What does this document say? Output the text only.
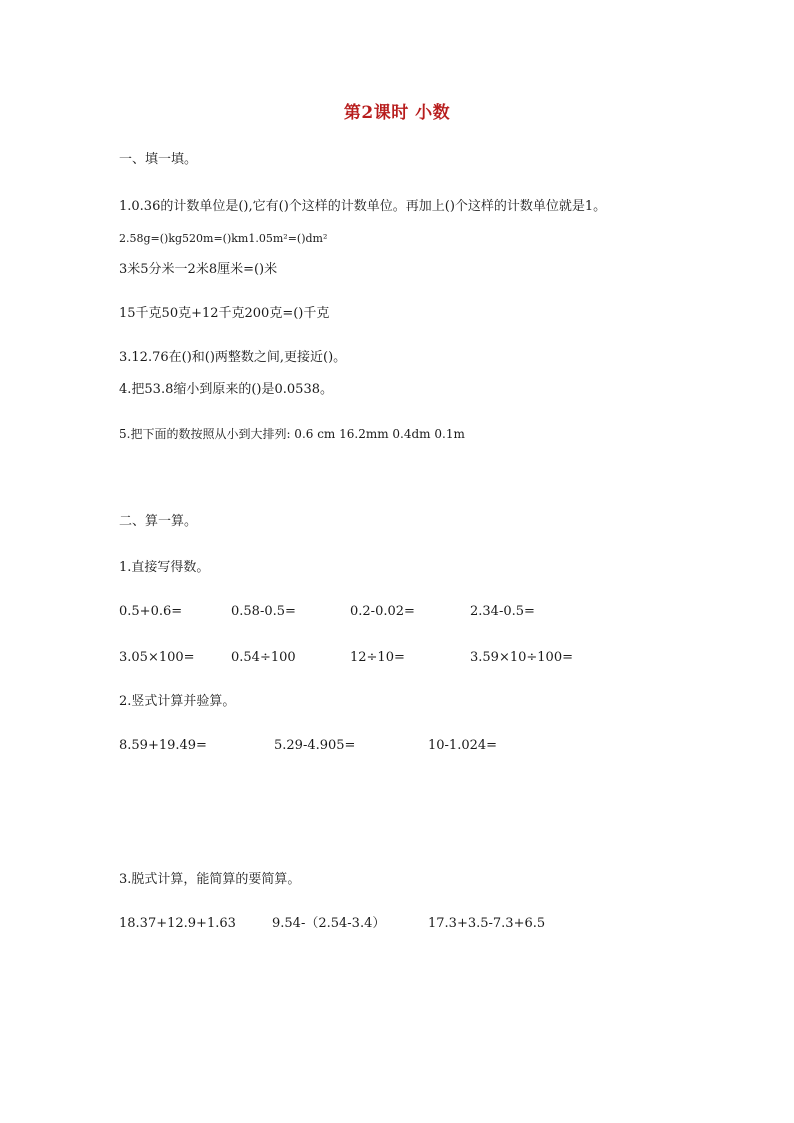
第2课时 小数
一、填一填。
1.0.36的计数单位是(),它有()个这样的计数单位。再加上()个这样的计数单位就是1。
2.58g=()kg520m=()km1.05m²=()dm²
3米5分米一2米8厘米=()米
15千克50克+12千克200克=()千克
3.12.76在()和()两整数之间,更接近()。
4.把53.8缩小到原来的()是0.0538。
5.把下面的数按照从小到大排列: 0.6 cm 16.2mm 0.4dm 0.1m
二、算一算。
1.直接写得数。
0.5+0.6=	0.58-0.5=	0.2-0.02=	2.34-0.5=
3.05×100=	0.54÷100	12÷10=	3.59×10÷100=
2.竖式计算并验算。
8.59+19.49=	5.29-4.905=	10-1.024=
3.脱式计算，能简算的要简算。
18.37+12.9+1.63	9.54-（2.54-3.4）	17.3+3.5-7.3+6.5
